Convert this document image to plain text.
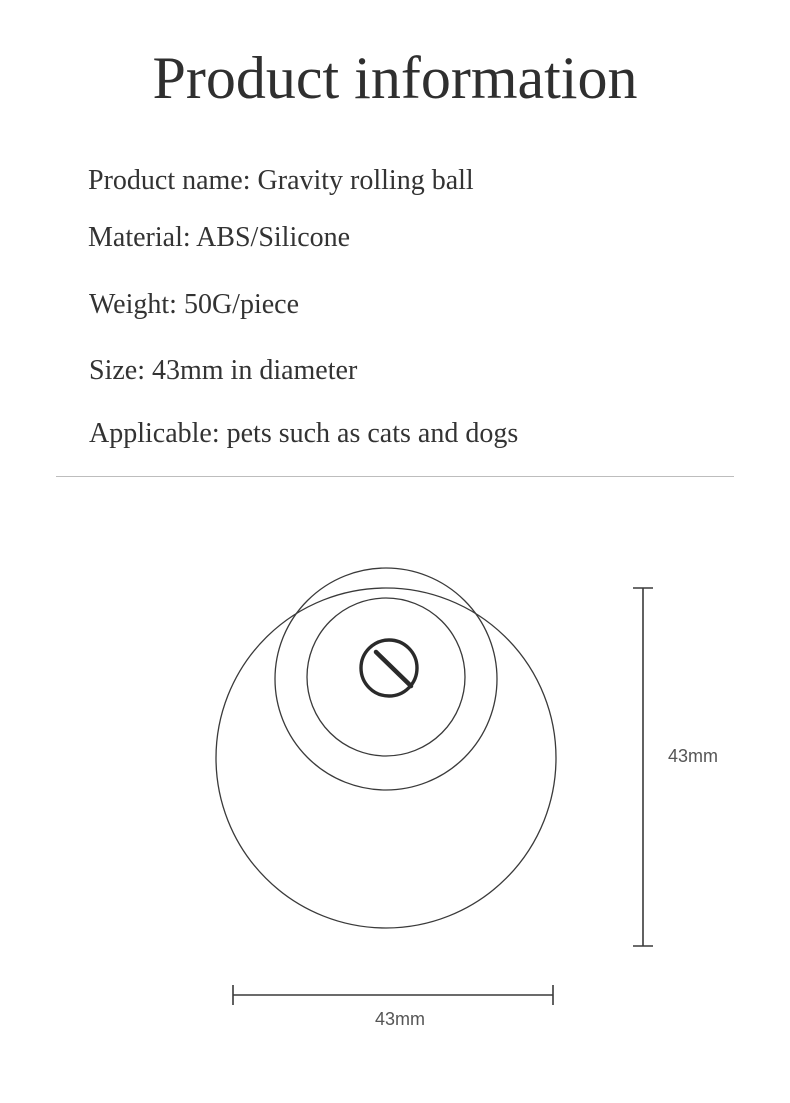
Product information
Product name: Gravity rolling ball
Material: ABS/Silicone
Weight: 50G/piece
Size: 43mm in diameter
Applicable: pets such as cats and dogs
43mm
43mm
